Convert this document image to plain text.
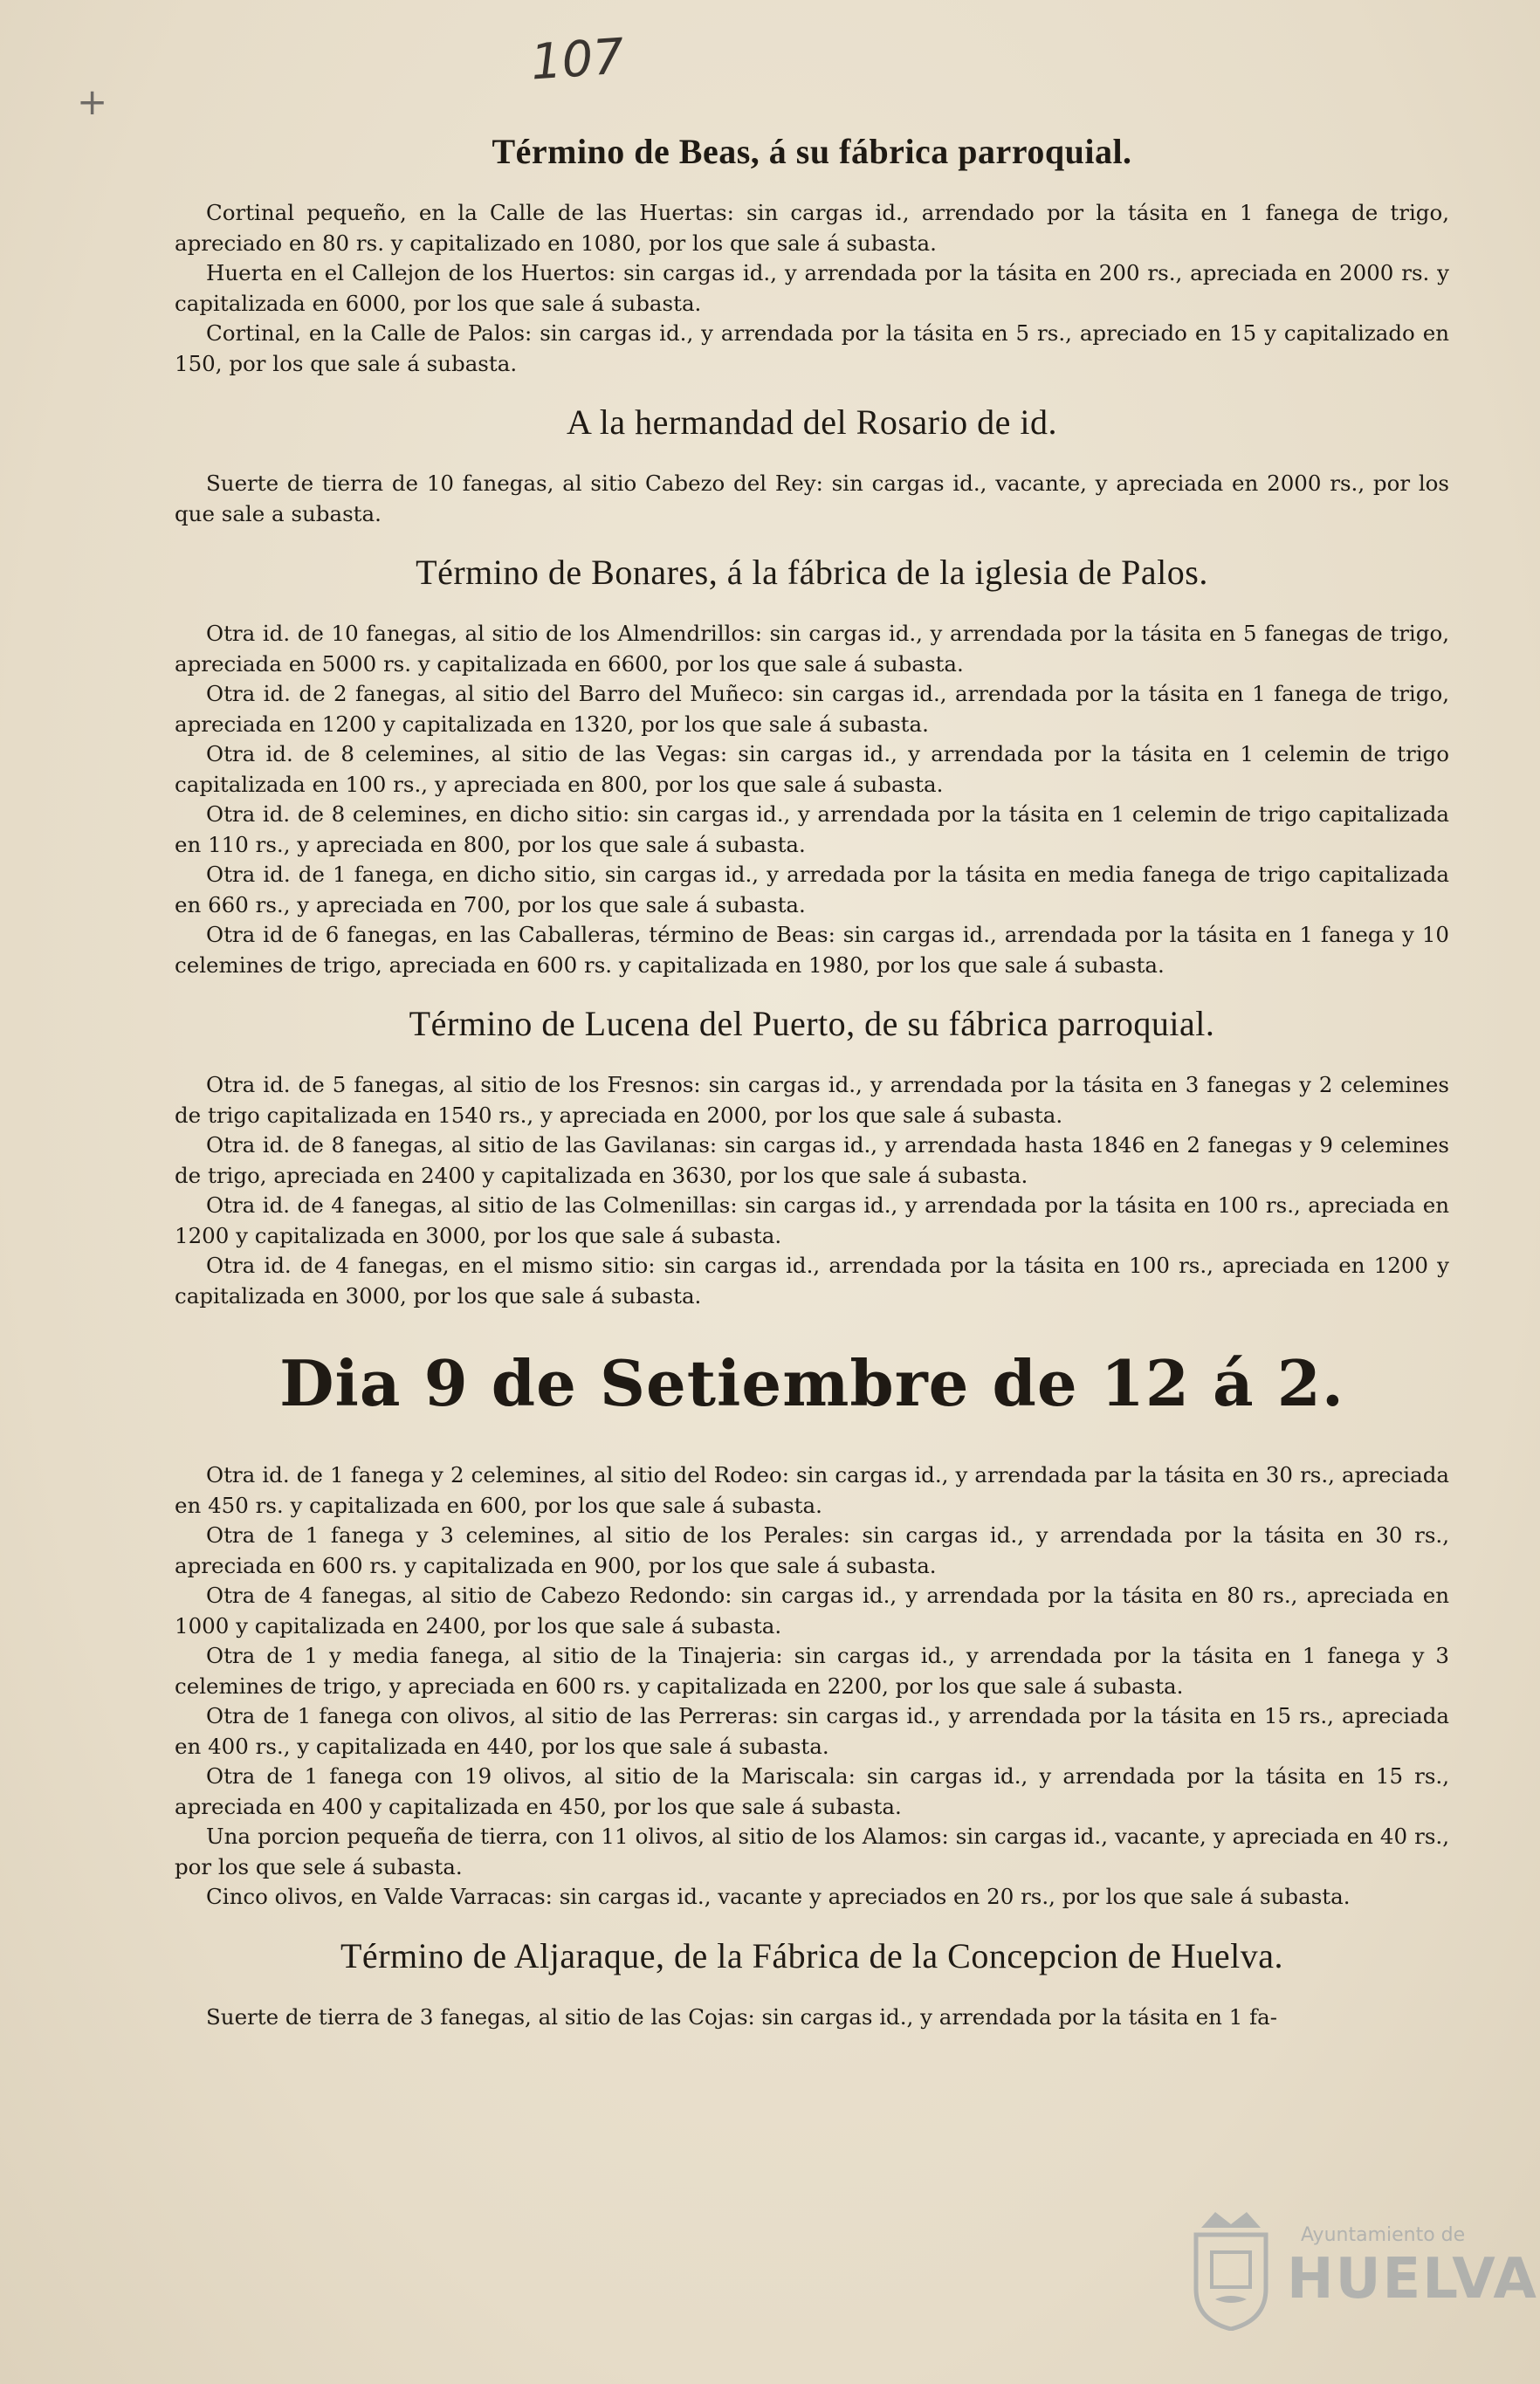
107
+
Término de Beas, á su fábrica parroquial.

Cortinal pequeño, en la Calle de las Huertas: sin cargas id., arrendado por la tásita en 1 fanega de trigo, apreciado en 80 rs. y capitalizado en 1080, por los que sale á subasta.

Huerta en el Callejon de los Huertos: sin cargas id., y arrendada por la tásita en 200 rs., apreciada en 2000 rs. y capitalizada en 6000, por los que sale á subasta.

Cortinal, en la Calle de Palos: sin cargas id., y arrendada por la tásita en 5 rs., apreciado en 15 y capitalizado en 150, por los que sale á subasta.

A la hermandad del Rosario de id.

Suerte de tierra de 10 fanegas, al sitio Cabezo del Rey: sin cargas id., vacante, y apreciada en 2000 rs., por los que sale a subasta.

Término de Bonares, á la fábrica de la iglesia de Palos.

Otra id. de 10 fanegas, al sitio de los Almendrillos: sin cargas id., y arrendada por la tásita en 5 fanegas de trigo, apreciada en 5000 rs. y capitalizada en 6600, por los que sale á subasta.

Otra id. de 2 fanegas, al sitio del Barro del Muñeco: sin cargas id., arrendada por la tásita en 1 fanega de trigo, apreciada en 1200 y capitalizada en 1320, por los que sale á subasta.

Otra id. de 8 celemines, al sitio de las Vegas: sin cargas id., y arrendada por la tásita en 1 celemin de trigo capitalizada en 100 rs., y apreciada en 800, por los que sale á subasta.

Otra id. de 8 celemines, en dicho sitio: sin cargas id., y arrendada por la tásita en 1 celemin de trigo capitalizada en 110 rs., y apreciada en 800, por los que sale á subasta.

Otra id. de 1 fanega, en dicho sitio, sin cargas id., y arredada por la tásita en media fanega de trigo capitalizada en 660 rs., y apreciada en 700, por los que sale á subasta.

Otra id de 6 fanegas, en las Caballeras, término de Beas: sin cargas id., arrendada por la tásita en 1 fanega y 10 celemines de trigo, apreciada en 600 rs. y capitalizada en 1980, por los que sale á subasta.

Término de Lucena del Puerto, de su fábrica parroquial.

Otra id. de 5 fanegas, al sitio de los Fresnos: sin cargas id., y arrendada por la tásita en 3 fanegas y 2 celemines de trigo capitalizada en 1540 rs., y apreciada en 2000, por los que sale á subasta.

Otra id. de 8 fanegas, al sitio de las Gavilanas: sin cargas id., y arrendada hasta 1846 en 2 fanegas y 9 celemines de trigo, apreciada en 2400 y capitalizada en 3630, por los que sale á subasta.

Otra id. de 4 fanegas, al sitio de las Colmenillas: sin cargas id., y arrendada por la tásita en 100 rs., apreciada en 1200 y capitalizada en 3000, por los que sale á subasta.

Otra id. de 4 fanegas, en el mismo sitio: sin cargas id., arrendada por la tásita en 100 rs., apreciada en 1200 y capitalizada en 3000, por los que sale á subasta.

Dia 9 de Setiembre de 12 á 2.

Otra id. de 1 fanega y 2 celemines, al sitio del Rodeo: sin cargas id., y arrendada par la tásita en 30 rs., apreciada en 450 rs. y capitalizada en 600, por los que sale á subasta.

Otra de 1 fanega y 3 celemines, al sitio de los Perales: sin cargas id., y arrendada por la tásita en 30 rs., apreciada en 600 rs. y capitalizada en 900, por los que sale á subasta.

Otra de 4 fanegas, al sitio de Cabezo Redondo: sin cargas id., y arrendada por la tásita en 80 rs., apreciada en 1000 y capitalizada en 2400, por los que sale á subasta.

Otra de 1 y media fanega, al sitio de la Tinajeria: sin cargas id., y arrendada por la tásita en 1 fanega y 3 celemines de trigo, y apreciada en 600 rs. y capitalizada en 2200, por los que sale á subasta.

Otra de 1 fanega con olivos, al sitio de las Perreras: sin cargas id., y arrendada por la tásita en 15 rs., apreciada en 400 rs., y capitalizada en 440, por los que sale á subasta.

Otra de 1 fanega con 19 olivos, al sitio de la Mariscala: sin cargas id., y arrendada por la tásita en 15 rs., apreciada en 400 y capitalizada en 450, por los que sale á subasta.

Una porcion pequeña de tierra, con 11 olivos, al sitio de los Alamos: sin cargas id., vacante, y apreciada en 40 rs., por los que sele á subasta.

Cinco olivos, en Valde Varracas: sin cargas id., vacante y apreciados en 20 rs., por los que sale á subasta.

Término de Aljaraque, de la Fábrica de la Concepcion de Huelva.

Suerte de tierra de 3 fanegas, al sitio de las Cojas: sin cargas id., y arrendada por la tásita en 1 fa-

Ayuntamiento de
HUELVA
